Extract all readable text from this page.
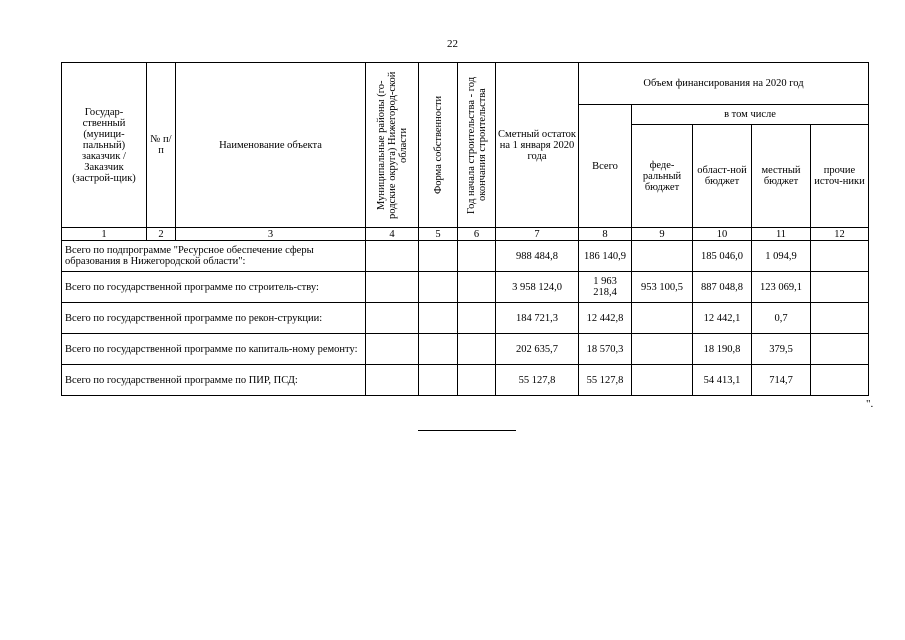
22
Государ-ственный (муници-пальный) заказчик / Заказчик (застрой-щик)	№ п/ п	Наименование объекта	Муниципальные районы (го-родские округа) Нижегород-ской области	Форма собственности	Год начала строительства - год окончания строительства	Сметный остаток на 1 января 2020 года	Объем финансирования на 2020 год				
							Всего	в том числе			
								феде-ральный бюджет	област-ной бюджет	местный бюджет	прочие источ-ники
1	2	3	4	5	6	7	8	9	10	11	12
Всего по подпрограмме "Ресурсное обеспечение сферы образования в Нижегородской области":						988 484,8	186 140,9		185 046,0	1 094,9	
Всего по государственной программе по строитель-ству:						3 958 124,0	1 963 218,4	953 100,5	887 048,8	123 069,1	
Всего по государственной программе по рекон-струкции:						184 721,3	12 442,8		12 442,1	0,7	
Всего по государственной программе по капиталь-ному ремонту:						202 635,7	18 570,3		18 190,8	379,5	
Всего по государственной программе по ПИР, ПСД:						55 127,8	55 127,8		54 413,1	714,7	
".
